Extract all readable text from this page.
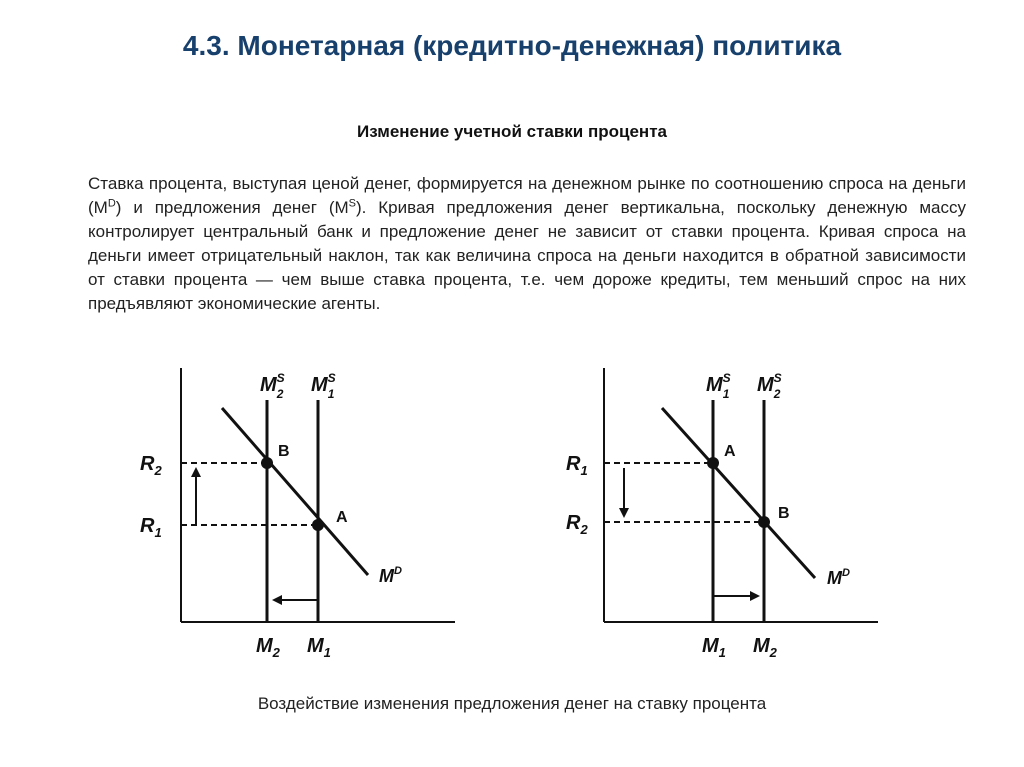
4.3. Монетарная (кредитно-денежная) политика
Изменение учетной ставки процента
Ставка процента, выступая ценой денег, формируется на денежном рынке по соотношению спроса на деньги $(M^D)$ и предложения денег $(M^S)$. Кривая предложения денег вертикальна, поскольку денежную массу контролирует центральный банк и предложение денег не зависит от ставки процента. Кривая спроса на деньги имеет отрицательный наклон, так как величина спроса на деньги находится в обратной зависимости от ставки процента — чем выше ставка процента, т.е. чем дороже кредиты, тем меньший спрос на них предъявляют экономические агенты.
$M^S$ 2 $M^S$ 1
$R_2$
$R_1$
$M_2$ $M_1$
B
A
$M^D$
$M^S$ 1 $M^S$ 2
$R_1$
$R_2$
$M_1$ $M_2$
A
B
$M^D$
Воздействие изменения предложения денег на ставку процента
